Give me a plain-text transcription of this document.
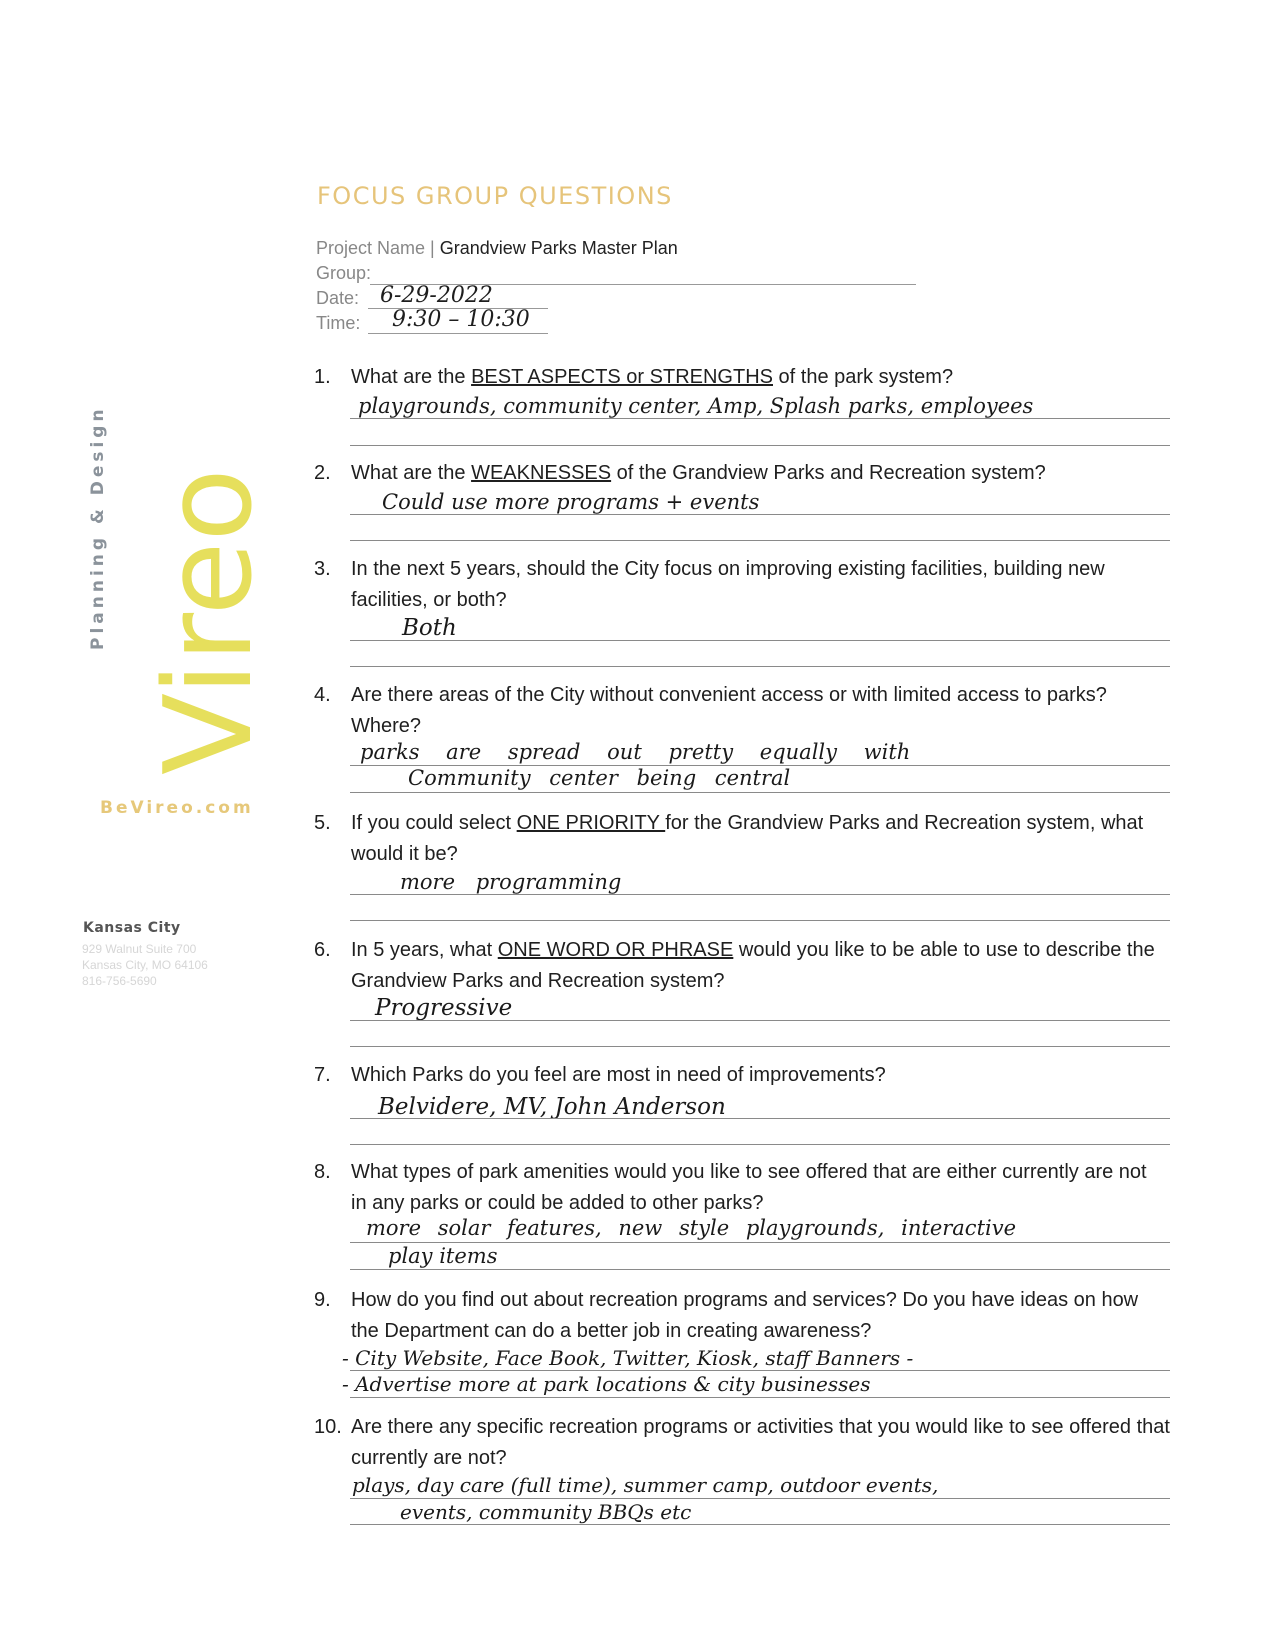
Planning & Design Vireo
BeVireo.com
Kansas City
929 Walnut Suite 700
Kansas City, MO 64106
816-756-5690
FOCUS GROUP QUESTIONS
Project Name | Grandview Parks Master Plan
Group:
Date: 6-29-2022
Time: 9:30 – 10:30
1. What are the BEST ASPECTS or STRENGTHS of the park system?
playgrounds, community center, Amp, Splash parks, employees
2. What are the WEAKNESSES of the Grandview Parks and Recreation system?
Could use more programs + events
3. In the next 5 years, should the City focus on improving existing facilities, building new facilities, or both?
Both
4. Are there areas of the City without convenient access or with limited access to parks? Where?
parks are spread out pretty equally with
Community center being central
5. If you could select ONE PRIORITY for the Grandview Parks and Recreation system, what would it be?
more programming
6. In 5 years, what ONE WORD OR PHRASE would you like to be able to use to describe the Grandview Parks and Recreation system?
Progressive
7. Which Parks do you feel are most in need of improvements?
Belvidere, MV, John Anderson
8. What types of park amenities would you like to see offered that are either currently are not in any parks or could be added to other parks?
more solar features, new style playgrounds, interactive
play items
9. How do you find out about recreation programs and services? Do you have ideas on how the Department can do a better job in creating awareness?
- City Website, Face Book, Twitter, Kiosk, staff Banners -
- Advertise more at park locations & city businesses
10. Are there any specific recreation programs or activities that you would like to see offered that currently are not?
plays, day care (full time), summer camp, outdoor events,
events, community BBQs etc
